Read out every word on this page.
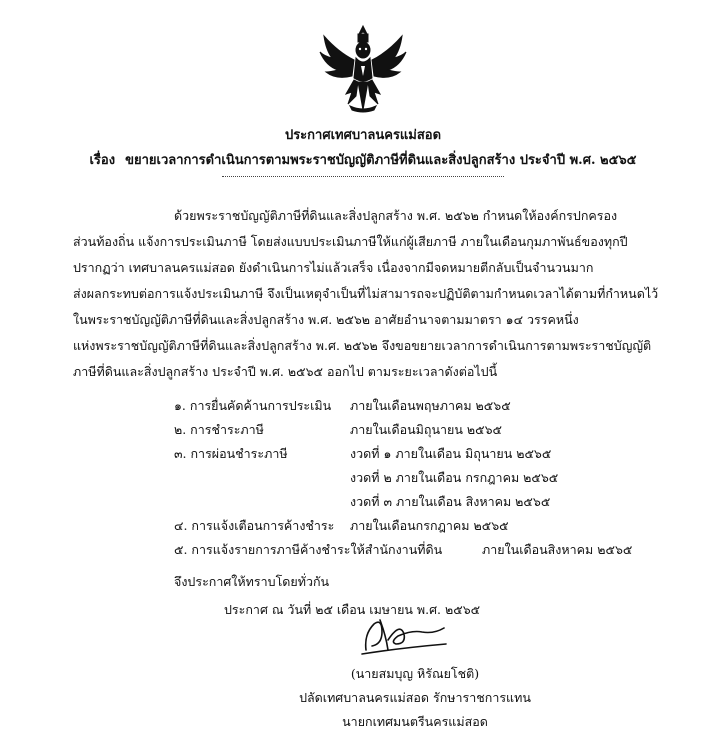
ประกาศเทศบาลนครแม่สอด
เรื่อง ขยายเวลาการดำเนินการตามพระราชบัญญัติภาษีที่ดินและสิ่งปลูกสร้าง ประจำปี พ.ศ. ๒๕๖๕
ด้วยพระราชบัญญัติภาษีที่ดินและสิ่งปลูกสร้าง พ.ศ. ๒๕๖๒ กำหนดให้องค์กรปกครอง
ส่วนท้องถิ่น แจ้งการประเมินภาษี โดยส่งแบบประเมินภาษีให้แก่ผู้เสียภาษี ภายในเดือนกุมภาพันธ์ของทุกปี
ปรากฏว่า เทศบาลนครแม่สอด ยังดำเนินการไม่แล้วเสร็จ เนื่องจากมีจดหมายตีกลับเป็นจำนวนมาก
ส่งผลกระทบต่อการแจ้งประเมินภาษี จึงเป็นเหตุจำเป็นที่ไม่สามารถจะปฏิบัติตามกำหนดเวลาได้ตามที่กำหนดไว้
ในพระราชบัญญัติภาษีที่ดินและสิ่งปลูกสร้าง พ.ศ. ๒๕๖๒ อาศัยอำนาจตามมาตรา ๑๔ วรรคหนึ่ง
แห่งพระราชบัญญัติภาษีที่ดินและสิ่งปลูกสร้าง พ.ศ. ๒๕๖๒ จึงขอขยายเวลาการดำเนินการตามพระราชบัญญัติ
ภาษีที่ดินและสิ่งปลูกสร้าง ประจำปี พ.ศ. ๒๕๖๕ ออกไป ตามระยะเวลาดังต่อไปนี้
๑. การยื่นคัดค้านการประเมิน ภายในเดือนพฤษภาคม ๒๕๖๕
๒. การชำระภาษี	ภายในเดือนมิถุนายน ๒๕๖๕
๓. การผ่อนชำระภาษี	งวดที่ ๑ ภายในเดือน มิถุนายน ๒๕๖๕
งวดที่ ๒ ภายในเดือน กรกฎาคม ๒๕๖๕
งวดที่ ๓ ภายในเดือน สิงหาคม ๒๕๖๕
๔. การแจ้งเตือนการค้างชำระ ภายในเดือนกรกฎาคม ๒๕๖๕
๕. การแจ้งรายการภาษีค้างชำระให้สำนักงานที่ดิน	ภายในเดือนสิงหาคม ๒๕๖๕
จึงประกาศให้ทราบโดยทั่วกัน
ประกาศ ณ วันที่ ๒๕ เดือน เมษายน พ.ศ. ๒๕๖๕
(นายสมบุญ หิรัณยโชติ)
ปลัดเทศบาลนครแม่สอด รักษาราชการแทน
นายกเทศมนตรีนครแม่สอด
